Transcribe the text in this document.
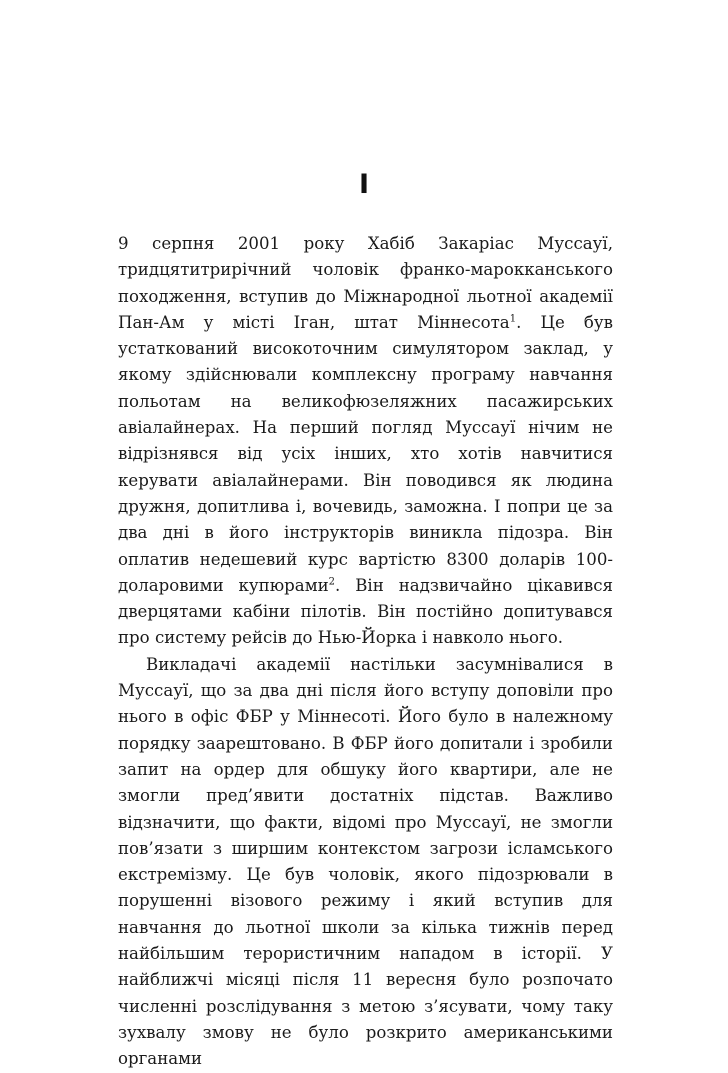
I

9 серпня 2001 року Хабіб Закаріас Муссауї, тридцятитрирічний чоловік франко-марокканського походження, вступив до Міжнародної льотної академії Пан-Ам у місті Іган, штат Міннесота$^1$. Це був устаткований високоточним симулятором заклад, у якому здійснювали комплексну програму навчання польотам на великофюзеляжних пасажирських авіалайнерах. На перший погляд Муссауї нічим не відрізнявся від усіх інших, хто хотів навчитися керувати авіалайнерами. Він поводився як людина дружня, допитлива і, вочевидь, заможна. І попри це за два дні в його інструкторів виникла підозра. Він оплатив недешевий курс вартістю 8300 доларів 100-доларовими купюрами$^2$. Він надзвичайно цікавився дверцятами кабіни пілотів. Він постійно допитувався про систему рейсів до Нью-Йорка і навколо нього.

Викладачі академії настільки засумнівалися в Муссауї, що за два дні після його вступу доповіли про нього в офіс ФБР у Міннесоті. Його було в належному порядку заарештовано. В ФБР його допитали і зробили запит на ордер для обшуку його квартири, але не змогли пред’явити достатніх підстав. Важливо відзначити, що факти, відомі про Муссауї, не змогли пов’язати з ширшим контекстом загрози ісламського екстремізму. Це був чоловік, якого підозрювали в порушенні візового режиму і який вступив для навчання до льотної школи за кілька тижнів перед найбільшим терористичним нападом в історії. У найближчі місяці після 11 вересня було розпочато численні розслідування з метою з’ясувати, чому таку зухвалу змову не було розкрито американськими органами
